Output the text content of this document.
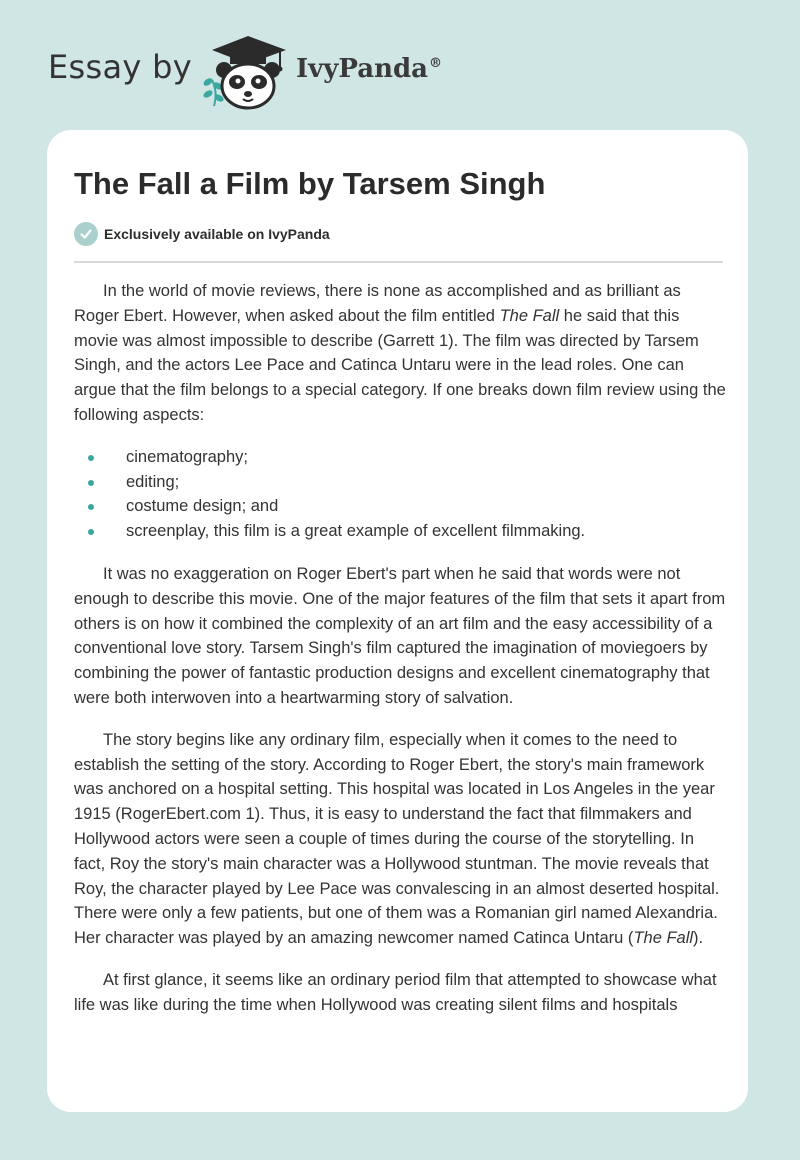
Essay by	IvyPanda®
The Fall a Film by Tarsem Singh
Exclusively available on IvyPanda

In the world of movie reviews, there is none as accomplished and as brilliant as Roger Ebert. However, when asked about the film entitled The Fall he said that this movie was almost impossible to describe (Garrett 1). The film was directed by Tarsem Singh, and the actors Lee Pace and Catinca Untaru were in the lead roles. One can argue that the film belongs to a special category. If one breaks down film review using the following aspects:

cinematography;
editing;
costume design; and
screenplay, this film is a great example of excellent filmmaking.

It was no exaggeration on Roger Ebert's part when he said that words were not enough to describe this movie. One of the major features of the film that sets it apart from others is on how it combined the complexity of an art film and the easy accessibility of a conventional love story. Tarsem Singh's film captured the imagination of moviegoers by combining the power of fantastic production designs and excellent cinematography that were both interwoven into a heartwarming story of salvation.

The story begins like any ordinary film, especially when it comes to the need to establish the setting of the story. According to Roger Ebert, the story's main framework was anchored on a hospital setting. This hospital was located in Los Angeles in the year 1915 (RogerEbert.com 1). Thus, it is easy to understand the fact that filmmakers and Hollywood actors were seen a couple of times during the course of the storytelling. In fact, Roy the story's main character was a Hollywood stuntman. The movie reveals that Roy, the character played by Lee Pace was convalescing in an almost deserted hospital. There were only a few patients, but one of them was a Romanian girl named Alexandria. Her character was played by an amazing newcomer named Catinca Untaru (The Fall).

At first glance, it seems like an ordinary period film that attempted to showcase what life was like during the time when Hollywood was creating silent films and hospitals
